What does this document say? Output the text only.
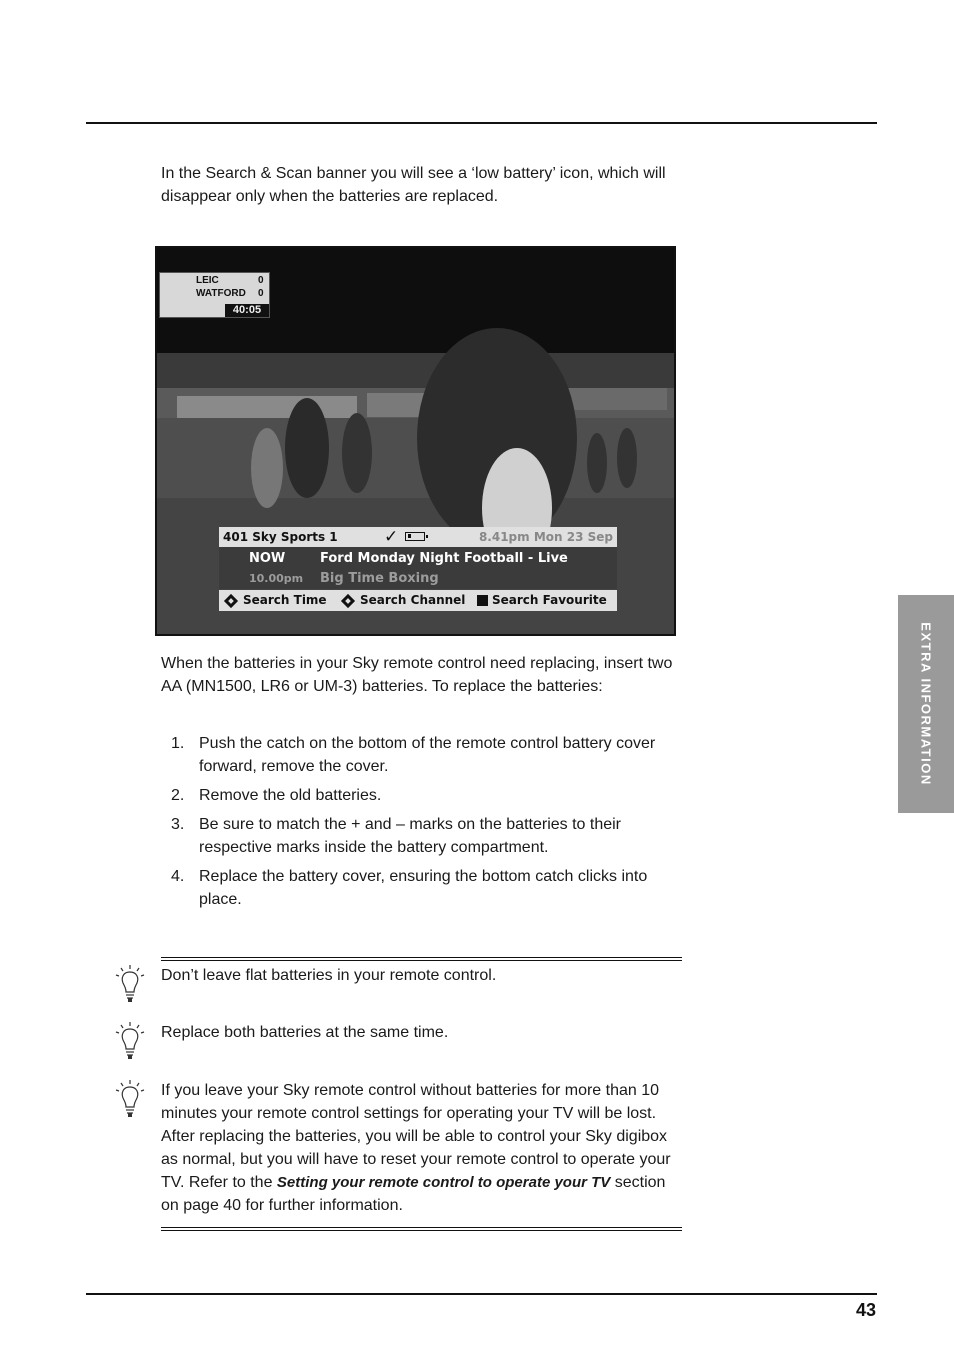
In the Search & Scan banner you will see a ‘low battery’ icon, which will disappear only when the batteries are replaced.

LEIC	0
WATFORD 0
40:05
401 Sky Sports 1	✓	8.41pm Mon 23 Sep
NOW	Ford Monday Night Football - Live
10.00pm Big Time Boxing
Search Time	Search Channel Search Favourite

When the batteries in your Sky remote control need replacing, insert two AA (MN1500, LR6 or UM-3) batteries. To replace the batteries:

1. Push the catch on the bottom of the remote control battery cover forward, remove the cover.
2. Remove the old batteries.
3. Be sure to match the + and – marks on the batteries to their respective marks inside the battery compartment.
4. Replace the battery cover, ensuring the bottom catch clicks into place.
Don’t leave flat batteries in your remote control.
Replace both batteries at the same time.
If you leave your Sky remote control without batteries for more than 10 minutes your remote control settings for operating your TV will be lost. After replacing the batteries, you will be able to control your Sky digibox as normal, but you will have to reset your remote control to operate your TV. Refer to the Setting your remote control to operate your TV section on page 40 for further information.
EXTRA INFORMATION
43
